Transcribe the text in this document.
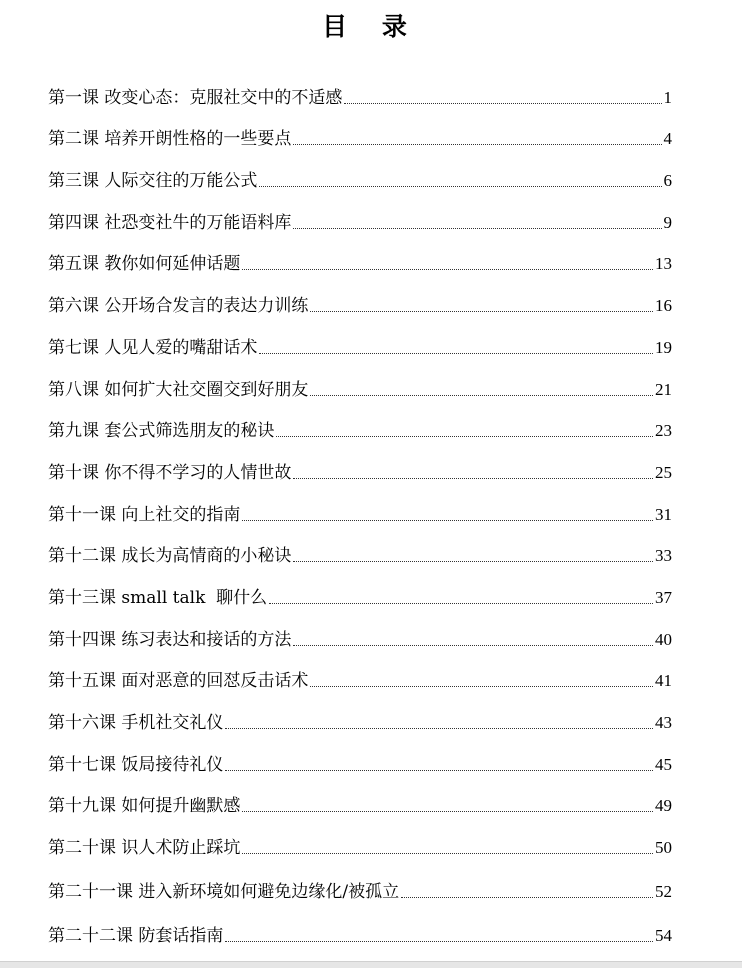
目 录
第一课 改变心态：克服社交中的不适感	1
第二课 培养开朗性格的一些要点	4
第三课 人际交往的万能公式	6
第四课 社恐变社牛的万能语料库	9
第五课 教你如何延伸话题	13
第六课 公开场合发言的表达力训练	16
第七课 人见人爱的嘴甜话术	19
第八课 如何扩大社交圈交到好朋友	21
第九课 套公式筛选朋友的秘诀	23
第十课 你不得不学习的人情世故	25
第十一课 向上社交的指南	31
第十二课 成长为高情商的小秘诀	33
第十三课 small talk  聊什么	37
第十四课 练习表达和接话的方法	40
第十五课 面对恶意的回怼反击话术	41
第十六课 手机社交礼仪	43
第十七课 饭局接待礼仪	45
第十九课 如何提升幽默感	49
第二十课 识人术防止踩坑	50
第二十一课 进入新环境如何避免边缘化/被孤立	52
第二十二课 防套话指南	54
